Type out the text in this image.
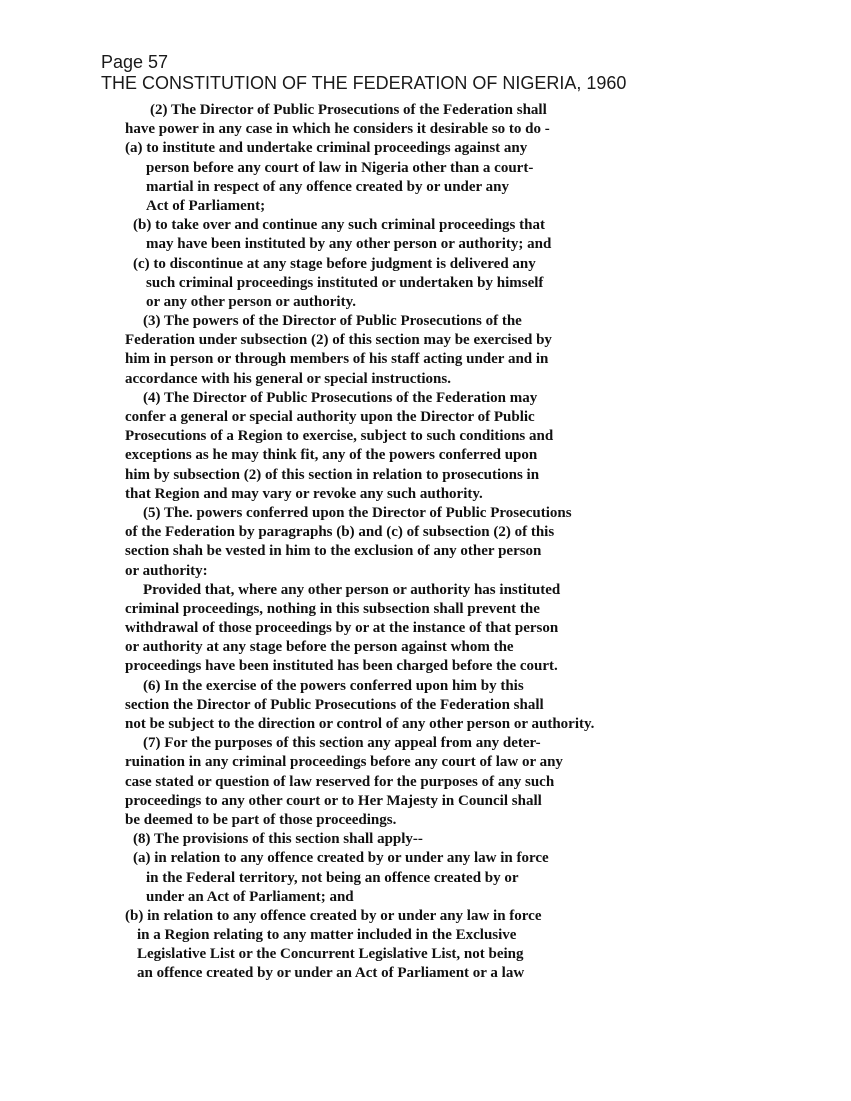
Page 57
THE CONSTITUTION OF THE FEDERATION OF NIGERIA, 1960
(2) The Director of Public Prosecutions of the Federation shall
have power in any case in which he considers it desirable so to do -
(a) to institute and undertake criminal proceedings against any
person before any court of law in Nigeria other than a court-
martial in respect of any offence created by or under any
Act of Parliament;
(b) to take over and continue any such criminal proceedings that
may have been instituted by any other person or authority; and
(c) to discontinue at any stage before judgment is delivered any
such criminal proceedings instituted or undertaken by himself
or any other person or authority.
(3) The powers of the Director of Public Prosecutions of the
Federation under subsection (2) of this section may be exercised by
him in person or through members of his staff acting under and in
accordance with his general or special instructions.
(4) The Director of Public Prosecutions of the Federation may
confer a general or special authority upon the Director of Public
Prosecutions of a Region to exercise, subject to such conditions and
exceptions as he may think fit, any of the powers conferred upon
him by subsection (2) of this section in relation to prosecutions in
that Region and may vary or revoke any such authority.
(5) The. powers conferred upon the Director of Public Prosecutions
of the Federation by paragraphs (b) and (c) of subsection (2) of this
section shah be vested in him to the exclusion of any other person
or authority:
Provided that, where any other person or authority has instituted
criminal proceedings, nothing in this subsection shall prevent the
withdrawal of those proceedings by or at the instance of that person
or authority at any stage before the person against whom the
proceedings have been instituted has been charged before the court.
(6) In the exercise of the powers conferred upon him by this
section the Director of Public Prosecutions of the Federation shall
not be subject to the direction or control of any other person or authority.
(7) For the purposes of this section any appeal from any deter-
ruination in any criminal proceedings before any court of law or any
case stated or question of law reserved for the purposes of any such
proceedings to any other court or to Her Majesty in Council shall
be deemed to be part of those proceedings.
(8) The provisions of this section shall apply--
(a) in relation to any offence created by or under any law in force
in the Federal territory, not being an offence created by or
under an Act of Parliament; and
(b) in relation to any offence created by or under any law in force
in a Region relating to any matter included in the Exclusive
Legislative List or the Concurrent Legislative List, not being
an offence created by or under an Act of Parliament or a law
